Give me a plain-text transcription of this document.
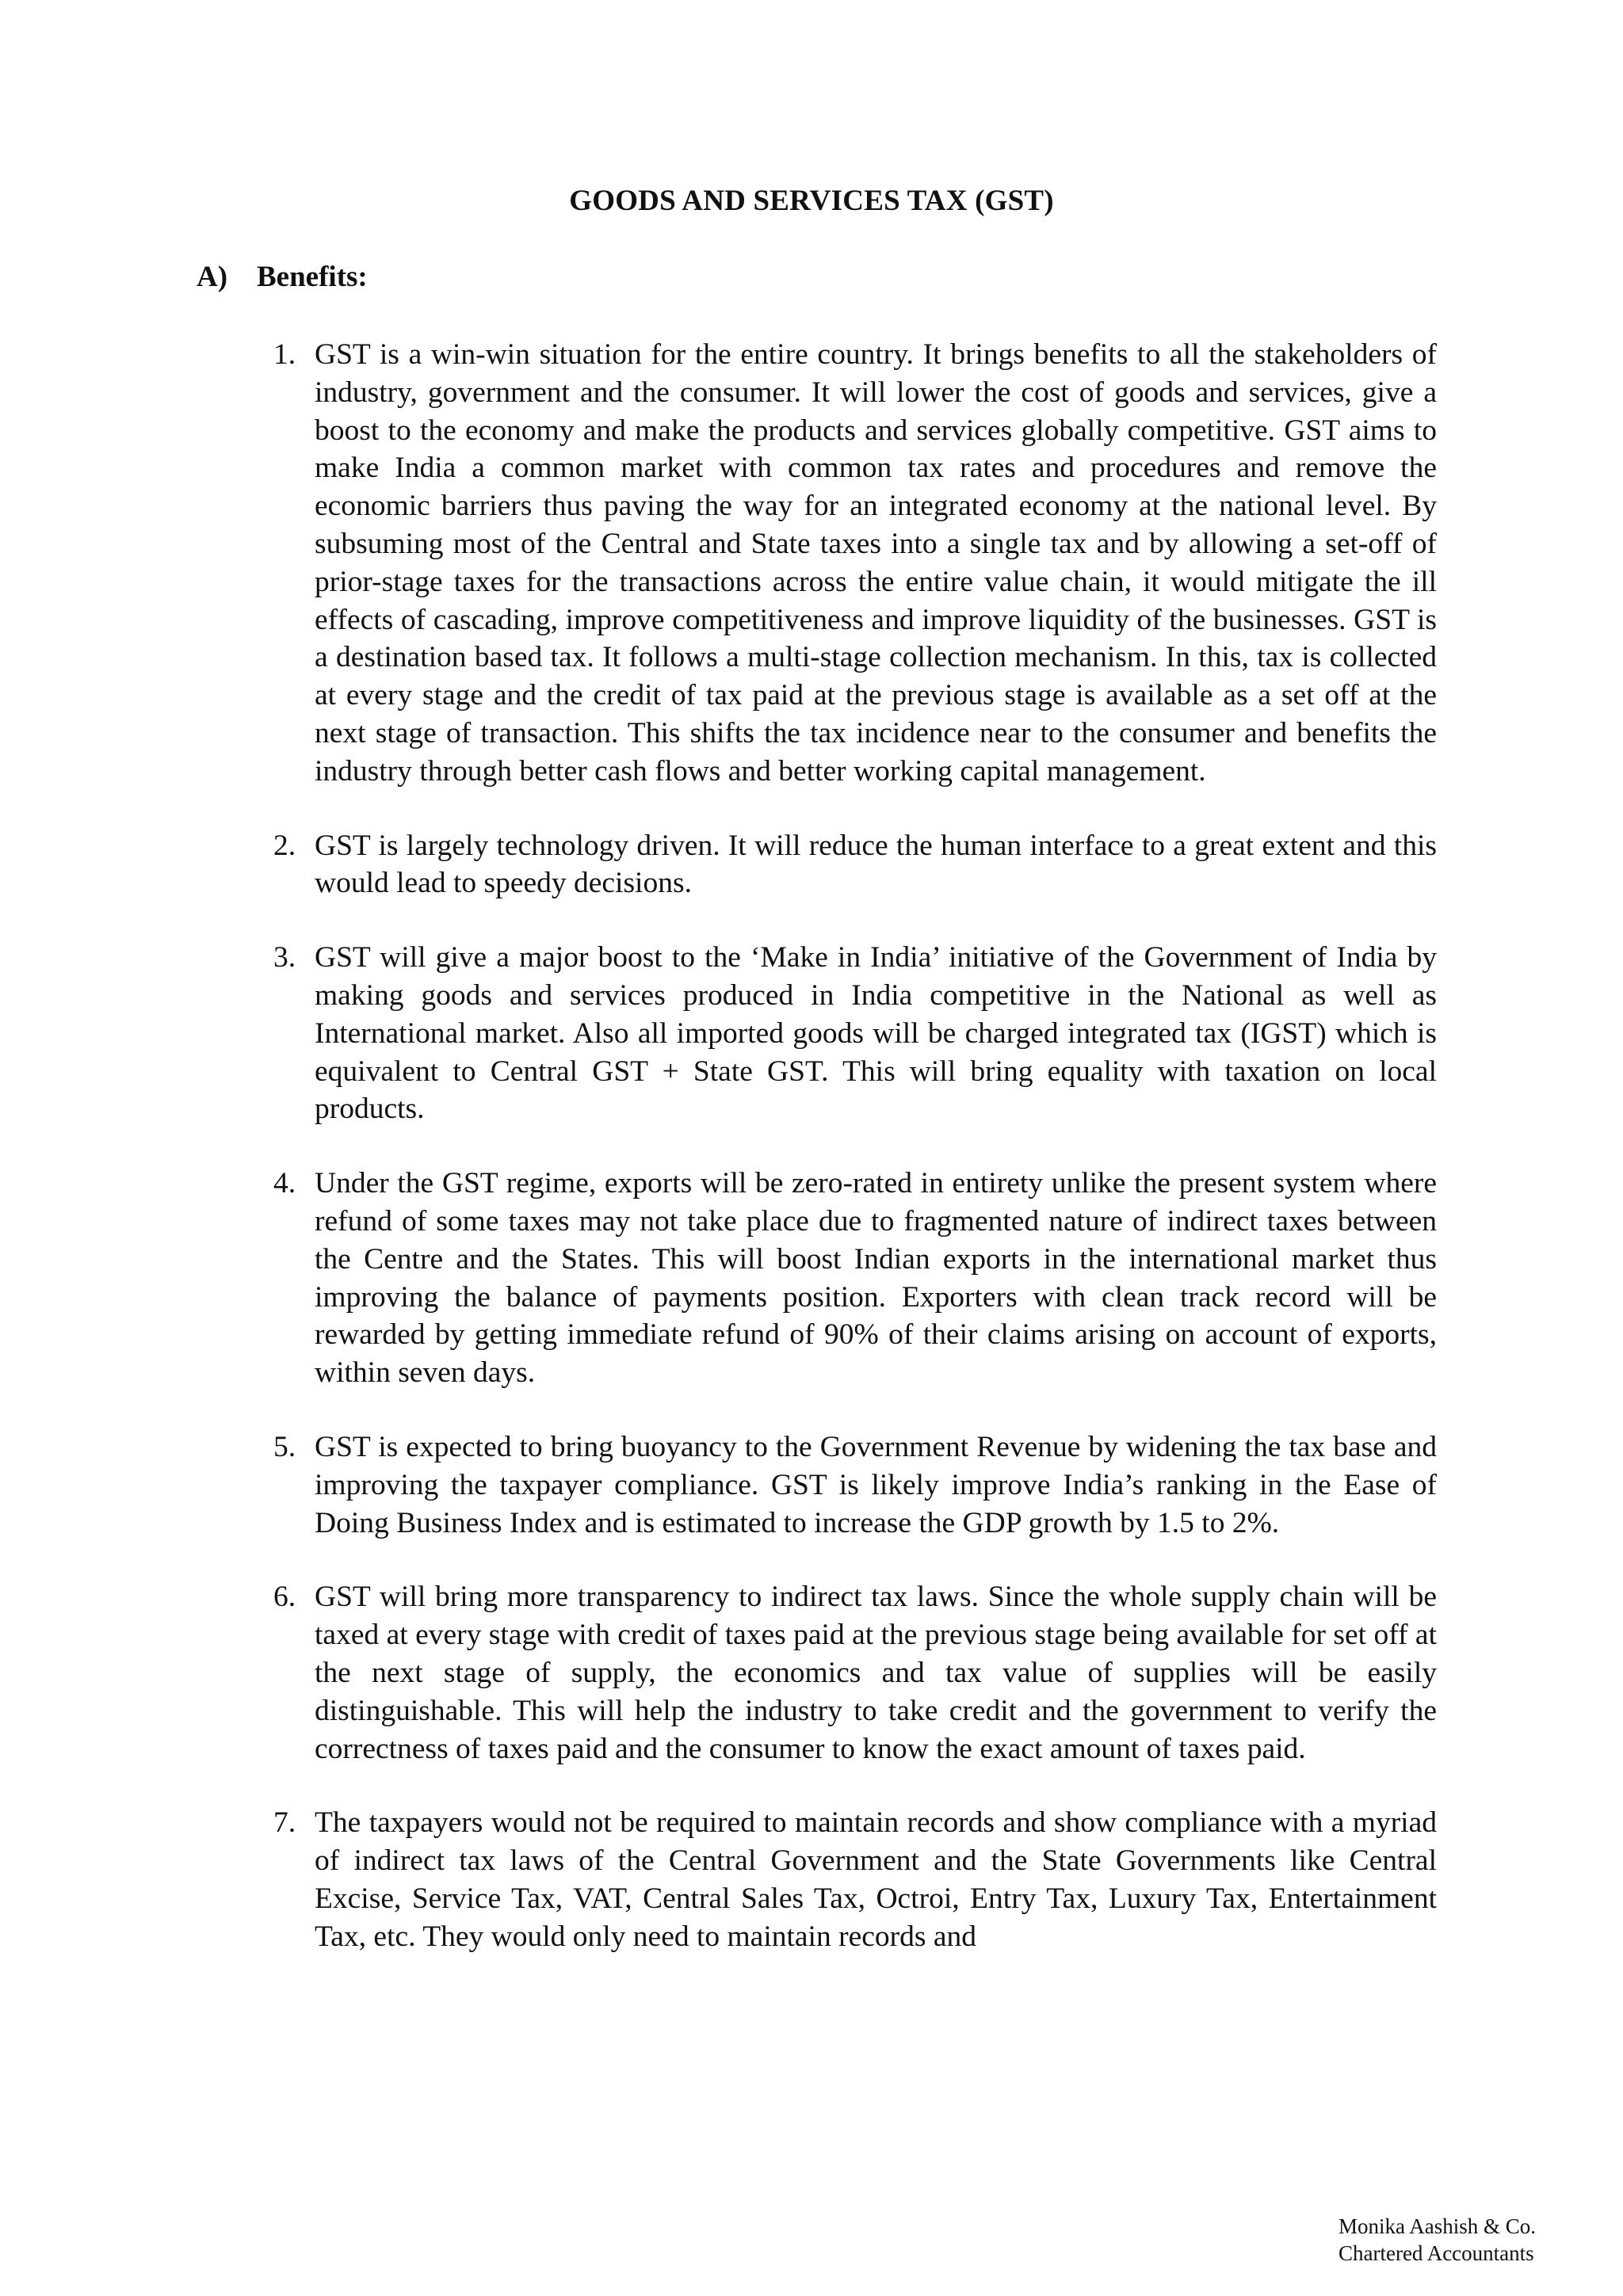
GOODS AND SERVICES TAX (GST)
A) Benefits:
1. GST is a win-win situation for the entire country. It brings benefits to all the stakeholders of industry, government and the consumer. It will lower the cost of goods and services, give a boost to the economy and make the products and services globally competitive. GST aims to make India a common market with common tax rates and procedures and remove the economic barriers thus paving the way for an integrated economy at the national level. By subsuming most of the Central and State taxes into a single tax and by allowing a set-off of prior-stage taxes for the transactions across the entire value chain, it would mitigate the ill effects of cascading, improve competitiveness and improve liquidity of the businesses. GST is a destination based tax. It follows a multi-stage collection mechanism. In this, tax is collected at every stage and the credit of tax paid at the previous stage is available as a set off at the next stage of transaction. This shifts the tax incidence near to the consumer and benefits the industry through better cash flows and better working capital management.
2. GST is largely technology driven. It will reduce the human interface to a great extent and this would lead to speedy decisions.
3. GST will give a major boost to the ‘Make in India’ initiative of the Government of India by making goods and services produced in India competitive in the National as well as International market. Also all imported goods will be charged integrated tax (IGST) which is equivalent to Central GST + State GST. This will bring equality with taxation on local products.
4. Under the GST regime, exports will be zero-rated in entirety unlike the present system where refund of some taxes may not take place due to fragmented nature of indirect taxes between the Centre and the States. This will boost Indian exports in the international market thus improving the balance of payments position. Exporters with clean track record will be rewarded by getting immediate refund of 90% of their claims arising on account of exports, within seven days.
5. GST is expected to bring buoyancy to the Government Revenue by widening the tax base and improving the taxpayer compliance. GST is likely improve India’s ranking in the Ease of Doing Business Index and is estimated to increase the GDP growth by 1.5 to 2%.
6. GST will bring more transparency to indirect tax laws. Since the whole supply chain will be taxed at every stage with credit of taxes paid at the previous stage being available for set off at the next stage of supply, the economics and tax value of supplies will be easily distinguishable. This will help the industry to take credit and the government to verify the correctness of taxes paid and the consumer to know the exact amount of taxes paid.
7. The taxpayers would not be required to maintain records and show compliance with a myriad of indirect tax laws of the Central Government and the State Governments like Central Excise, Service Tax, VAT, Central Sales Tax, Octroi, Entry Tax, Luxury Tax, Entertainment Tax, etc. They would only need to maintain records and
Monika Aashish & Co.
Chartered Accountants
